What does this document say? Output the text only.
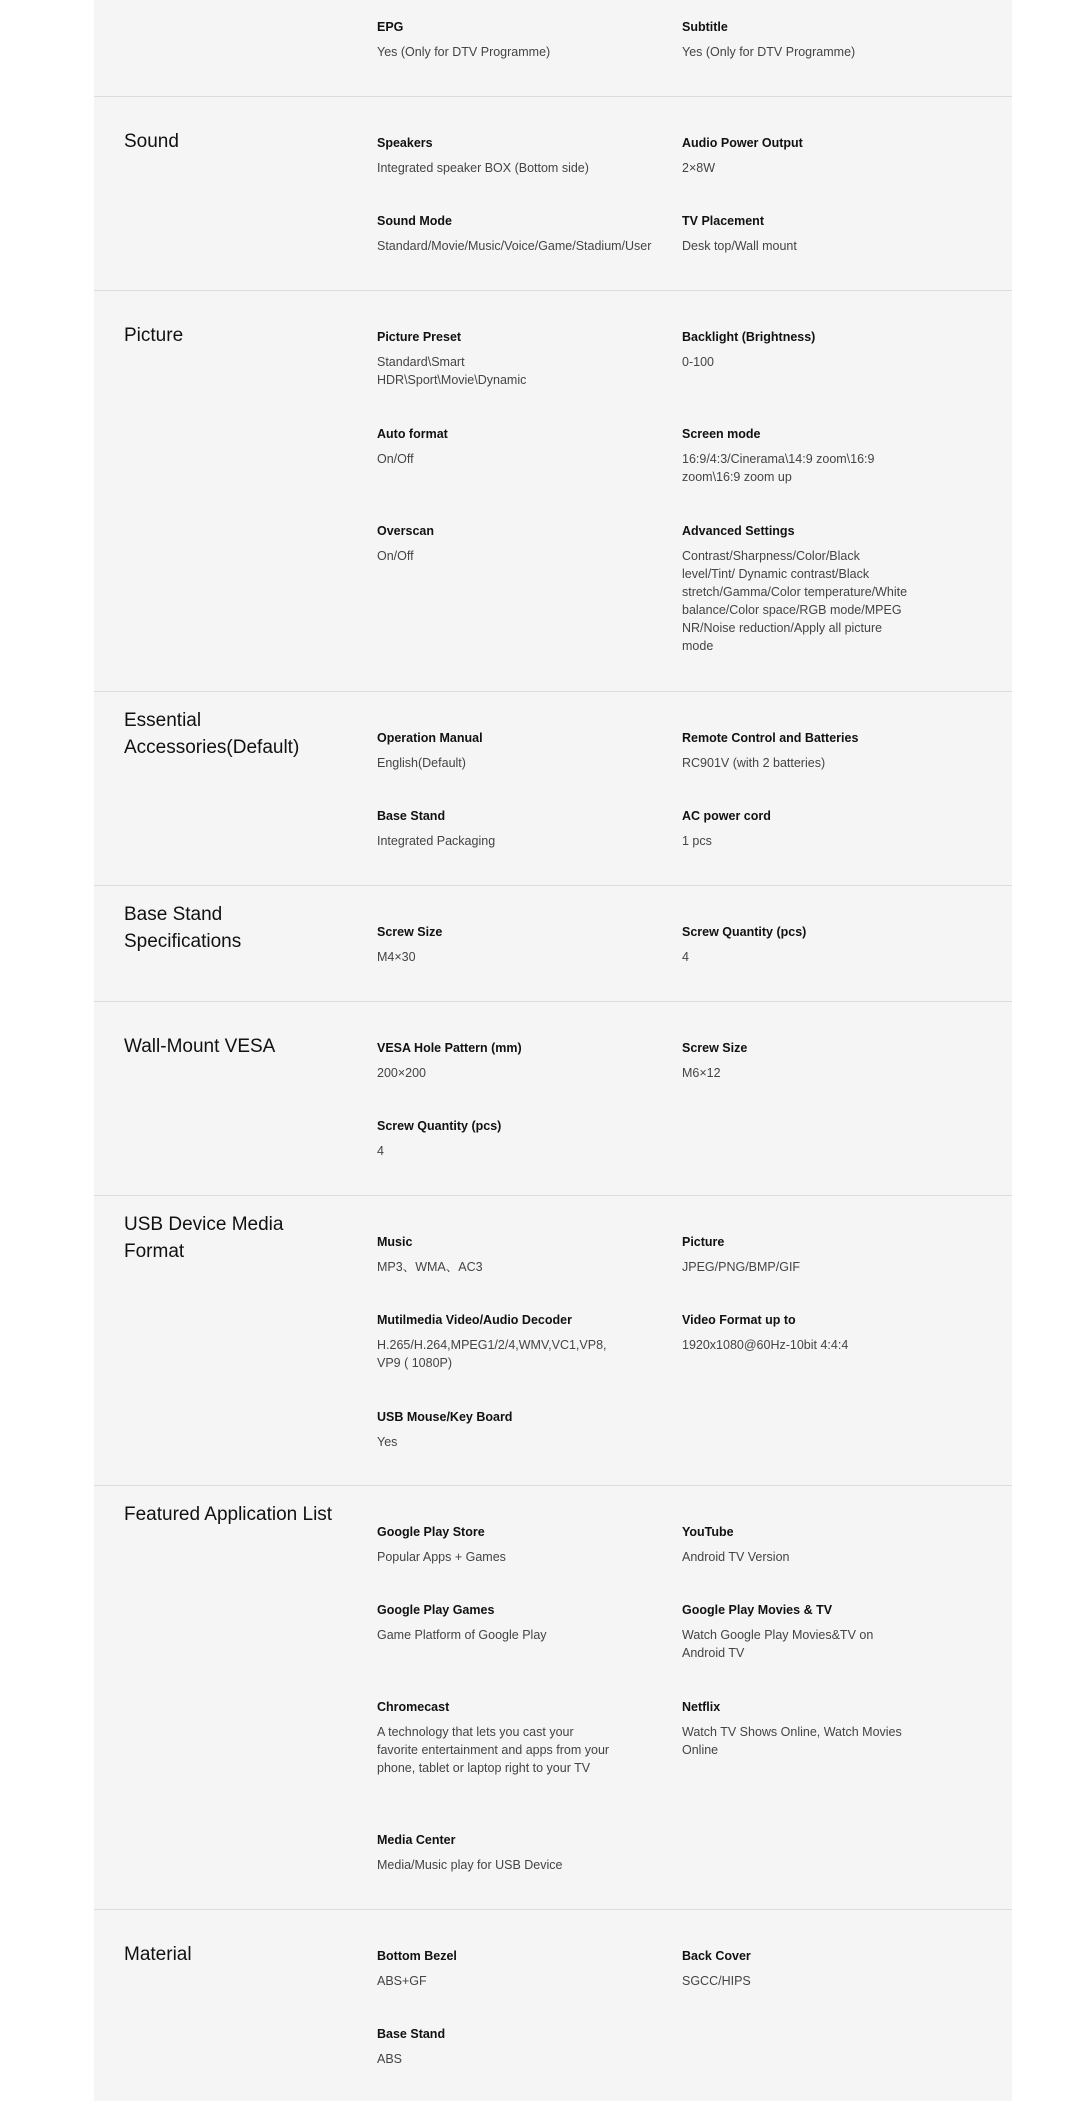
EPG
Yes (Only for DTV Programme)
Subtitle
Yes (Only for DTV Programme)
Sound	Speakers
Integrated speaker BOX (Bottom side)
Audio Power Output
2×8W
Sound Mode
Standard/Movie/Music/Voice/Game/Stadium/User
TV Placement
Desk top/Wall mount
Picture	Picture Preset
Standard\Smart HDR\Sport\Movie\Dynamic
Backlight (Brightness)
0-100
Auto format
On/Off
Screen mode
16:9/4:3/Cinerama\14:9 zoom\16:9 zoom\16:9 zoom up
Overscan
On/Off
Advanced Settings
Contrast/Sharpness/Color/Black level/Tint/ Dynamic contrast/Black stretch/Gamma/Color temperature/White balance/Color space/RGB mode/MPEG NR/Noise reduction/Apply all picture mode
Essential Accessories(Default)	Operation Manual
English(Default)
Remote Control and Batteries
RC901V (with 2 batteries)
Base Stand
Integrated Packaging
AC power cord
1 pcs
Base Stand Specifications	Screw Size
M4×30
Screw Quantity (pcs)
4
Wall-Mount VESA	VESA Hole Pattern (mm)
200×200
Screw Size
M6×12
Screw Quantity (pcs)
4
USB Device Media Format	Music
MP3、WMA、AC3
Picture
JPEG/PNG/BMP/GIF
Mutilmedia Video/Audio Decoder
H.265/H.264,MPEG1/2/4,WMV,VC1,VP8, VP9 ( 1080P)
Video Format up to
1920x1080@60Hz-10bit 4:4:4
USB Mouse/Key Board
Yes
Featured Application List
Google Play Store
Popular Apps + Games
YouTube
Android TV Version
Google Play Games
Game Platform of Google Play
Google Play Movies & TV
Watch Google Play Movies&TV on Android TV
Chromecast
A technology that lets you cast your favorite entertainment and apps from your phone, tablet or laptop right to your TV
Netflix
Watch TV Shows Online, Watch Movies Online
Media Center
Media/Music play for USB Device
Material	Bottom Bezel
ABS+GF
Back Cover
SGCC/HIPS
Base Stand
ABS
